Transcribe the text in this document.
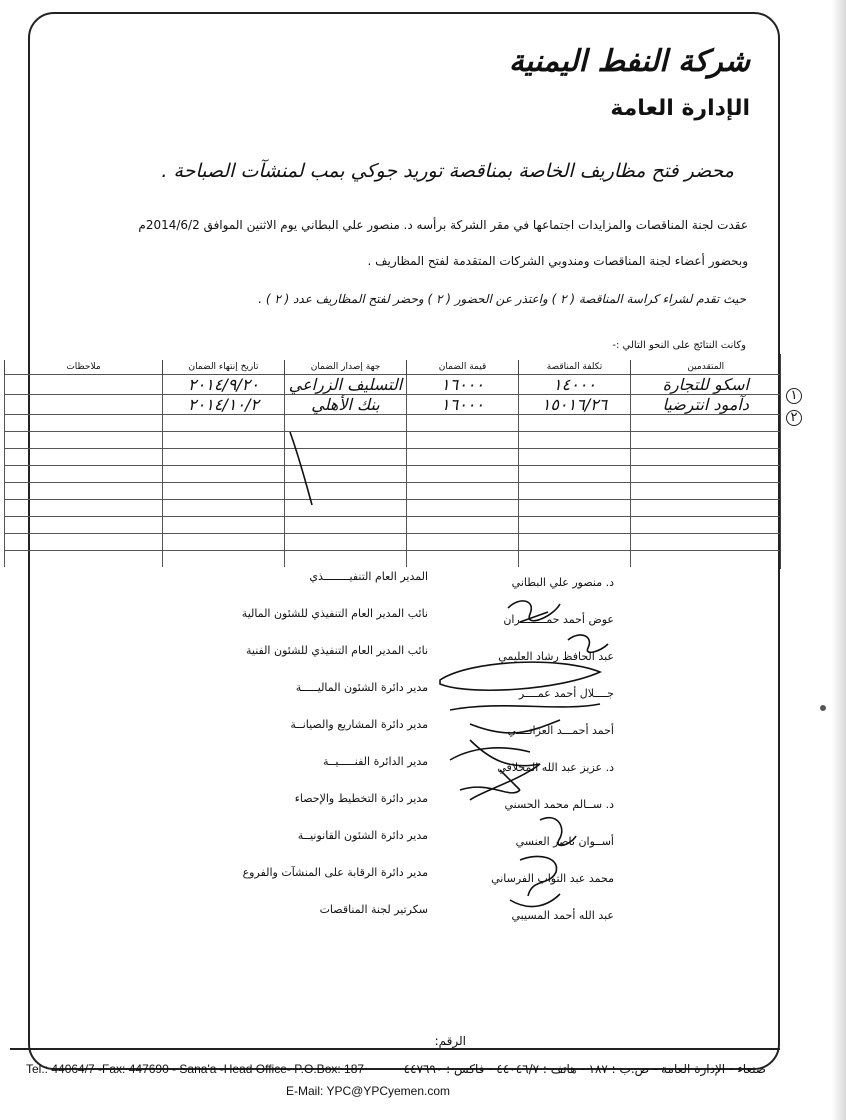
شركة النفط اليمنية
الإدارة العامة
محضر فتح مظاريف الخاصة بمناقصة توريد جوكي بمب لمنشآت الصباحة .
عقدت لجنة المناقصات والمزايدات اجتماعها في مقر الشركة برأسه د. منصور علي البطاني يوم الاثنين الموافق 2014/6/2م
وبحضور أعضاء لجنة المناقصات ومندوبي الشركات المتقدمة لفتح المظاريف .
حيث تقدم لشراء كراسة المناقصة ( ٢ ) واعتذر عن الحضور ( ٢ ) وحضر لفتح المظاريف عدد ( ٢ ) .
وكانت النتائج على النحو التالي :-
المتقدمين	تكلفة المناقصة	قيمة الضمان	جهة إصدار الضمان	تاريخ إنتهاء الضمان	ملاحظات
اسكو للتجارة	١٤٠٠٠	١٦٠٠٠	التسليف الزراعي	٢٠١٤/٩/٢٠	
دآمود انترضيا	١٥٠١٦/٢٦	١٦٠٠٠	بنك الأهلي	٢٠١٤/١٠/٢	

						١
٢
المدير العام التنفيــــــــذي	د. منصور علي البطاني
نائب المدير العام التنفيذي للشئون المالية	عوض أحمد حمــــــــران
نائب المدير العام التنفيذي للشئون الفنية	عبد الحافظ رشاد العليمي
مدير دائرة الشئون الماليـــــة	جــــلال أحمد عمــــر
مدير دائرة المشاريع والصيانــة	أحمد أحمـــد العزانــــي
مدير الدائرة الفنـــــيــة	د. عزيز عبد الله المخلافي
مدير دائرة التخطيط والإحصاء	د. ســالم محمد الحسني
مدير دائرة الشئون القانونيــة	أســوان ناصر العنسي
مدير دائرة الرقابة على المنشآت والفروع	محمد عبد التواب الفرساني
سكرتير لجنة المناقصات	عبد الله أحمد المسيبي
الرقم:
Tel.: 44064/7 -Fax: 447690 - Sana'a -Head Office- P.O.Box: 187	صنعاء - الإدارة العامة - ص.ب : ١٨٧ - هاتف : ٤٤٠٤٦/٧ - فاكس : ٤٤٧٦٩٠
E-Mail: YPC@YPCyemen.com
